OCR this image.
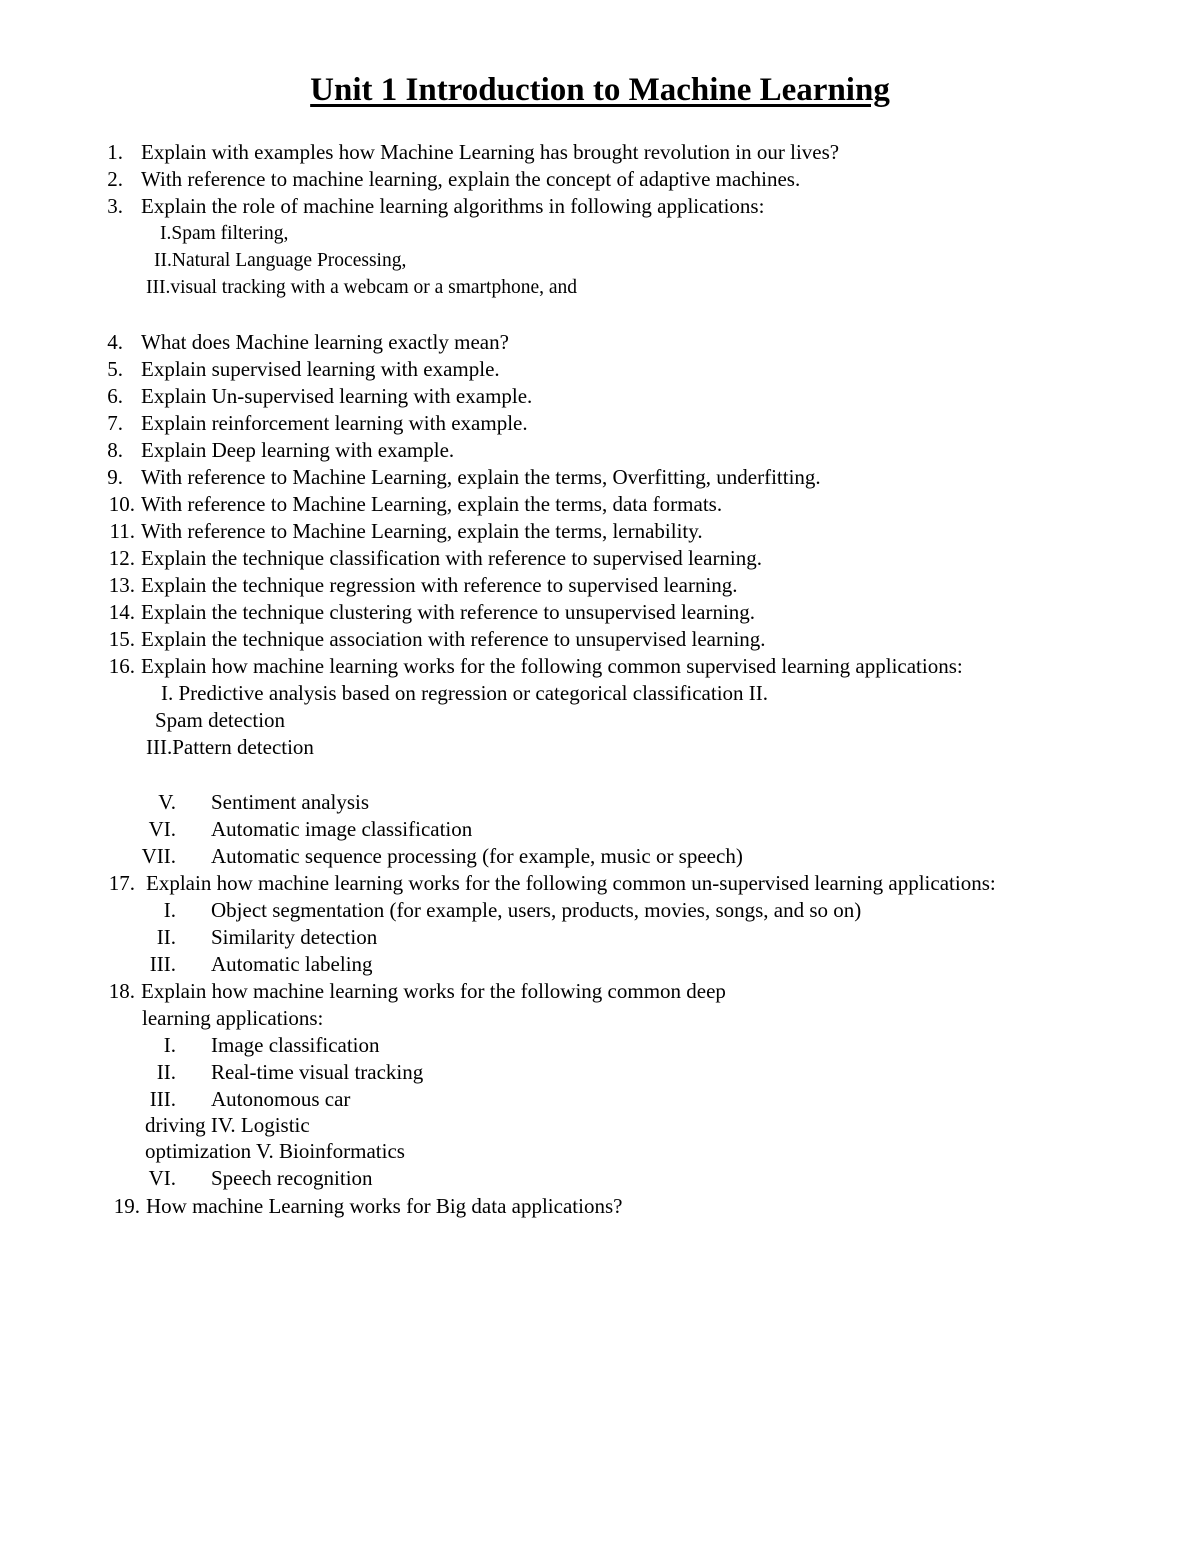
Unit 1 Introduction to Machine Learning
1. Explain with examples how Machine Learning has brought revolution in our lives?
2. With reference to machine learning, explain the concept of adaptive machines.
3. Explain the role of machine learning algorithms in following applications:
I.Spam filtering,
II.Natural Language Processing,
III.visual tracking with a webcam or a smartphone, and
4. What does Machine learning exactly mean?
5. Explain supervised learning with example.
6. Explain Un-supervised learning with example.
7. Explain reinforcement learning with example.
8. Explain Deep learning with example.
9. With reference to Machine Learning, explain the terms, Overfitting, underfitting.
10. With reference to Machine Learning, explain the terms, data formats.
11. With reference to Machine Learning, explain the terms, lernability.
12. Explain the technique classification with reference to supervised learning.
13. Explain the technique regression with reference to supervised learning.
14. Explain the technique clustering with reference to unsupervised learning.
15. Explain the technique association with reference to unsupervised learning.
16. Explain how machine learning works for the following common supervised learning applications:
I. Predictive analysis based on regression or categorical classification II.
Spam detection
III.Pattern detection
V. Sentiment analysis
VI. Automatic image classification
VII. Automatic sequence processing (for example, music or speech)
17. Explain how machine learning works for the following common un-supervised learning applications:
I. Object segmentation (for example, users, products, movies, songs, and so on)
II. Similarity detection
III. Automatic labeling
18. Explain how machine learning works for the following common deep
learning applications:
I. Image classification
II. Real-time visual tracking
III. Autonomous car
driving IV. Logistic
optimization V. Bioinformatics
VI. Speech recognition
19. How machine Learning works for Big data applications?
